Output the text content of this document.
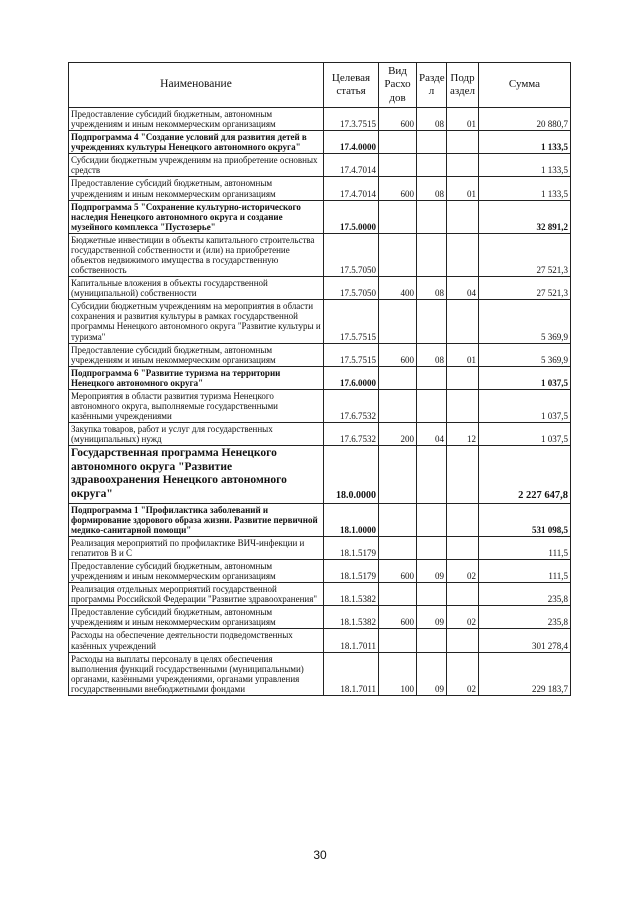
Наименование	Целевая статья	Вид Расхо дов	Разде л	Подр аздел	Сумма
Предоставление субсидий бюджетным, автономным учреждениям и иным некоммерческим организациям	17.3.7515	600	08	01	20 880,7
Подпрограмма 4 "Создание условий для развития детей в учреждениях культуры Ненецкого автономного округа"	17.4.0000				1 133,5
Субсидии бюджетным учреждениям на приобретение основных средств	17.4.7014				1 133,5
Предоставление субсидий бюджетным, автономным учреждениям и иным некоммерческим организациям	17.4.7014	600	08	01	1 133,5
Подпрограмма 5 "Сохранение культурно-исторического наследия Ненецкого автономного округа и создание музейного комплекса "Пустозерье"	17.5.0000				32 891,2
Бюджетные инвестиции в объекты капитального строительства государственной собственности и (или) на приобретение объектов недвижимого имущества в государственную собственность	17.5.7050				27 521,3
Капитальные вложения в объекты государственной (муниципальной) собственности	17.5.7050	400	08	04	27 521,3
Субсидии бюджетным учреждениям на мероприятия в области сохранения и развития культуры в рамках государственной программы Ненецкого автономного округа "Развитие культуры и туризма"	17.5.7515				5 369,9
Предоставление субсидий бюджетным, автономным учреждениям и иным некоммерческим организациям	17.5.7515	600	08	01	5 369,9
Подпрограмма 6 "Развитие туризма на территории Ненецкого автономного округа"	17.6.0000				1 037,5
Мероприятия в области развития туризма Ненецкого автономного округа, выполняемые государственными казёнными учреждениями	17.6.7532				1 037,5
Закупка товаров, работ и услуг для государственных (муниципальных) нужд	17.6.7532	200	04	12	1 037,5
Государственная программа Ненецкого автономного округа "Развитие здравоохранения Ненецкого автономного округа"	18.0.0000				2 227 647,8
Подпрограмма 1 "Профилактика заболеваний и формирование здорового образа жизни. Развитие первичной медико-санитарной помощи"	18.1.0000				531 098,5
Реализация мероприятий по профилактике ВИЧ-инфекции и гепатитов В и С	18.1.5179				111,5
Предоставление субсидий бюджетным, автономным учреждениям и иным некоммерческим организациям	18.1.5179	600	09	02	111,5
Реализация отдельных мероприятий государственной программы Российской Федерации "Развитие здравоохранения"	18.1.5382				235,8
Предоставление субсидий бюджетным, автономным учреждениям и иным некоммерческим организациям	18.1.5382	600	09	02	235,8
Расходы на обеспечение деятельности подведомственных казённых учреждений	18.1.7011				301 278,4
Расходы на выплаты персоналу в целях обеспечения выполнения функций государственными (муниципальными) органами, казёнными учреждениями, органами управления государственными внебюджетными фондами	18.1.7011	100	09	02	229 183,7
30
